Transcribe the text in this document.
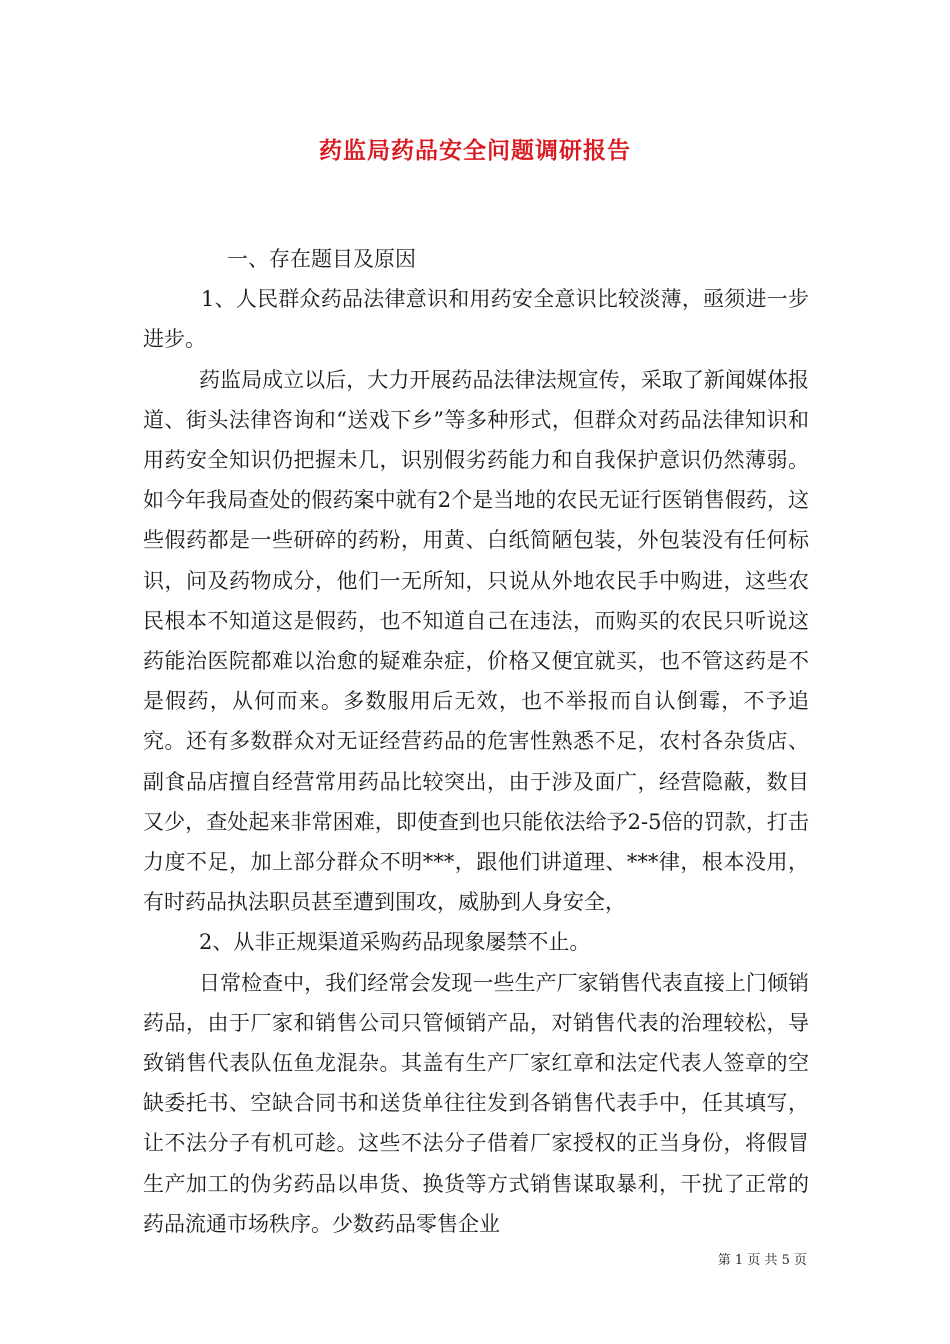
药监局药品安全问题调研报告

一、存在题目及原因

1、人民群众药品法律意识和用药安全意识比较淡薄，亟须进一步进步。

药监局成立以后，大力开展药品法律法规宣传，采取了新闻媒体报道、街头法律咨询和“送戏下乡”等多种形式，但群众对药品法律知识和用药安全知识仍把握未几，识别假劣药能力和自我保护意识仍然薄弱。如今年我局查处的假药案中就有2个是当地的农民无证行医销售假药，这些假药都是一些研碎的药粉，用黄、白纸简陋包装，外包装没有任何标识，问及药物成分，他们一无所知，只说从外地农民手中购进，这些农民根本不知道这是假药，也不知道自己在违法，而购买的农民只听说这药能治医院都难以治愈的疑难杂症，价格又便宜就买，也不管这药是不是假药，从何而来。多数服用后无效，也不举报而自认倒霉，不予追究。还有多数群众对无证经营药品的危害性熟悉不足，农村各杂货店、副食品店擅自经营常用药品比较突出，由于涉及面广，经营隐蔽，数目又少，查处起来非常困难，即使查到也只能依法给予2-5倍的罚款，打击力度不足，加上部分群众不明***，跟他们讲道理、***律，根本没用，有时药品执法职员甚至遭到围攻，威胁到人身安全，

2、从非正规渠道采购药品现象屡禁不止。

日常检查中，我们经常会发现一些生产厂家销售代表直接上门倾销药品，由于厂家和销售公司只管倾销产品，对销售代表的治理较松，导致销售代表队伍鱼龙混杂。其盖有生产厂家红章和法定代表人签章的空缺委托书、空缺合同书和送货单往往发到各销售代表手中，任其填写，让不法分子有机可趁。这些不法分子借着厂家授权的正当身份，将假冒生产加工的伪劣药品以串货、换货等方式销售谋取暴利，干扰了正常的药品流通市场秩序。少数药品零售企业

第 1 页 共 5 页
